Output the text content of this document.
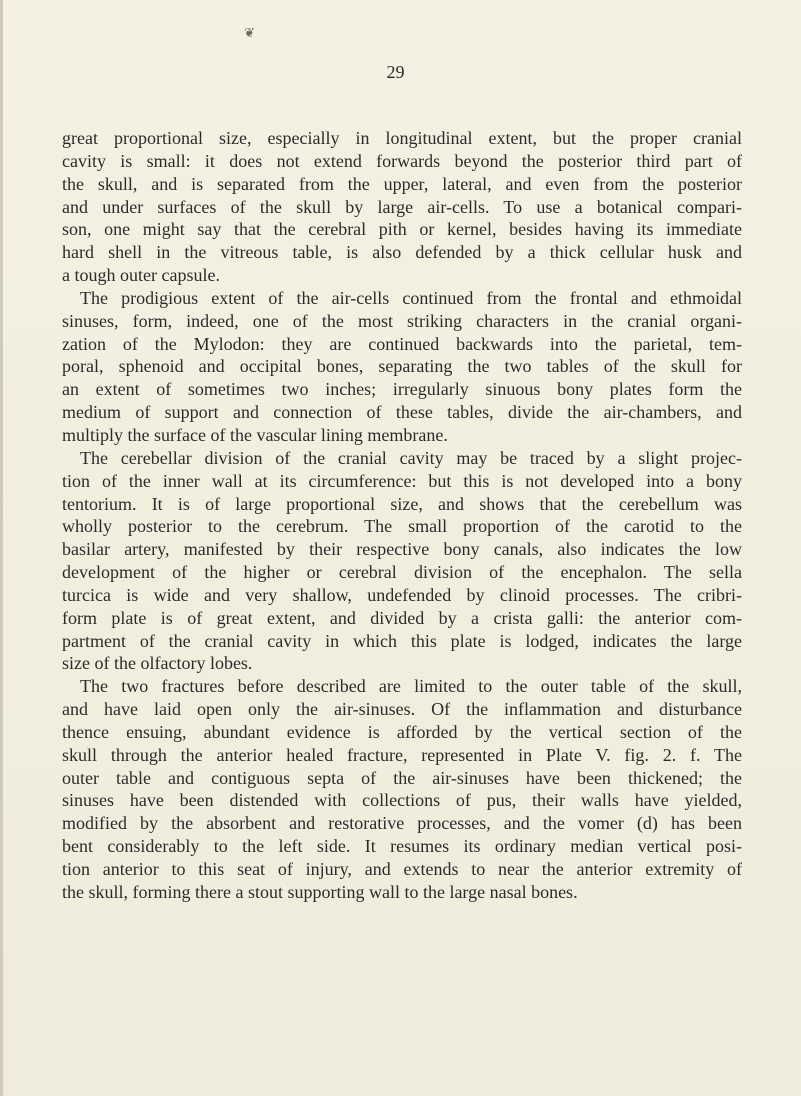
❦
29
great proportional size, especially in longitudinal extent, but the proper cranial
cavity is small: it does not extend forwards beyond the posterior third part of
the skull, and is separated from the upper, lateral, and even from the posterior
and under surfaces of the skull by large air-cells. To use a botanical compari-
son, one might say that the cerebral pith or kernel, besides having its immediate
hard shell in the vitreous table, is also defended by a thick cellular husk and
a tough outer capsule.
The prodigious extent of the air-cells continued from the frontal and ethmoidal
sinuses, form, indeed, one of the most striking characters in the cranial organi-
zation of the Mylodon: they are continued backwards into the parietal, tem-
poral, sphenoid and occipital bones, separating the two tables of the skull for
an extent of sometimes two inches; irregularly sinuous bony plates form the
medium of support and connection of these tables, divide the air-chambers, and
multiply the surface of the vascular lining membrane.
The cerebellar division of the cranial cavity may be traced by a slight projec-
tion of the inner wall at its circumference: but this is not developed into a bony
tentorium. It is of large proportional size, and shows that the cerebellum was
wholly posterior to the cerebrum. The small proportion of the carotid to the
basilar artery, manifested by their respective bony canals, also indicates the low
development of the higher or cerebral division of the encephalon. The sella
turcica is wide and very shallow, undefended by clinoid processes. The cribri-
form plate is of great extent, and divided by a crista galli: the anterior com-
partment of the cranial cavity in which this plate is lodged, indicates the large
size of the olfactory lobes.
The two fractures before described are limited to the outer table of the skull,
and have laid open only the air-sinuses. Of the inflammation and disturbance
thence ensuing, abundant evidence is afforded by the vertical section of the
skull through the anterior healed fracture, represented in Plate V. fig. 2. f. The
outer table and contiguous septa of the air-sinuses have been thickened; the
sinuses have been distended with collections of pus, their walls have yielded,
modified by the absorbent and restorative processes, and the vomer (d) has been
bent considerably to the left side. It resumes its ordinary median vertical posi-
tion anterior to this seat of injury, and extends to near the anterior extremity of
the skull, forming there a stout supporting wall to the large nasal bones.
